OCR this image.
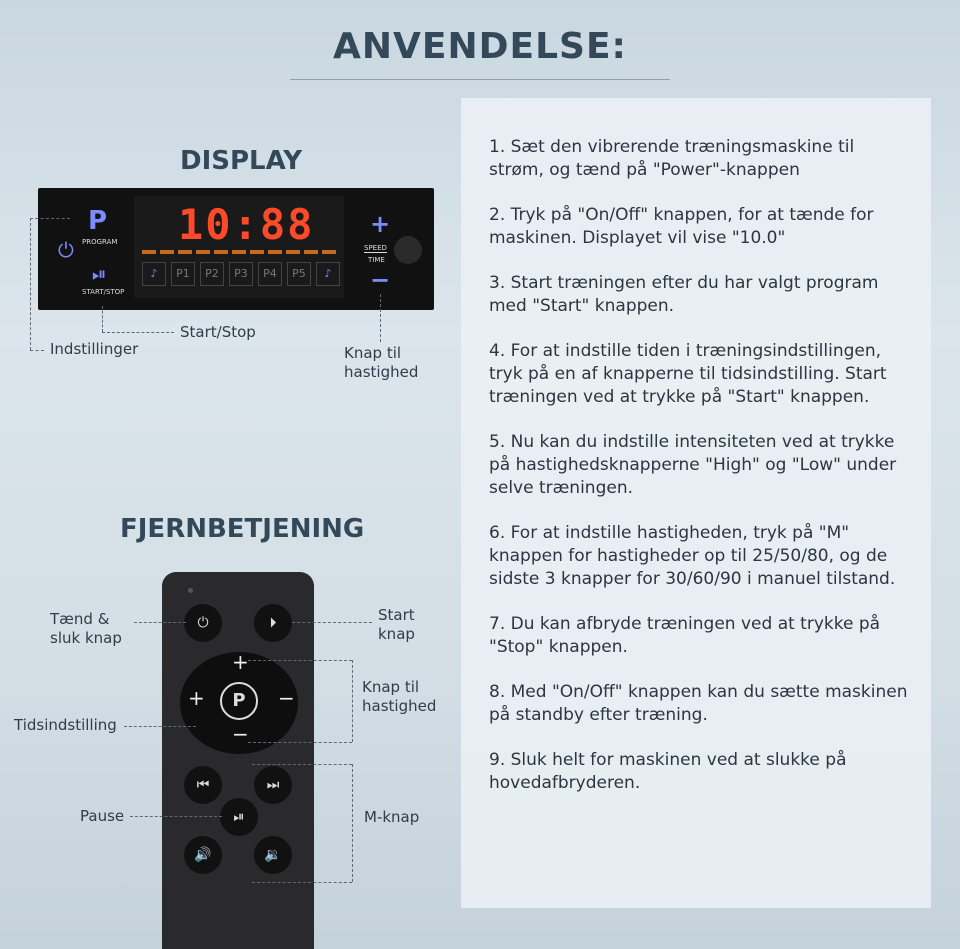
ANVENDELSE:

1. Sæt den vibrerende træningsmaskine til strøm, og tænd på "Power"-knappen

2. Tryk på "On/Off" knappen, for at tænde for maskinen. Displayet vil vise "10.0"

3. Start træningen efter du har valgt program med "Start" knappen.

4. For at indstille tiden i træningsindstillingen, tryk på en af knapperne til tidsindstilling. Start træningen ved at trykke på "Start" knappen.

5. Nu kan du indstille intensiteten ved at trykke på hastighedsknapperne "High" og "Low" under selve træningen.

6. For at indstille hastigheden, tryk på "M" knappen for hastigheder op til 25/50/80, og de sidste 3 knapper for 30/60/90 i manuel tilstand.

7. Du kan afbryde træningen ved at trykke på "Stop" knappen.

8. Med "On/Off" knappen kan du sætte maskinen på standby efter træning.

9. Sluk helt for maskinen ved at slukke på hovedafbryderen.

DISPLAY
P
PROGRAM
⏻
⏯
START/STOP
10:88
♪	P1	P2	P3	P4	P5	♪
+
SPEED
TIME
−
Indstillinger
Start/Stop
Knap til
hastighed
FJERNBETJENING
⏻	⏵
+
−
+	−
P
⏮	⏭
⏯
🔊	🔉
Tænd &
sluk knap
Start
knap
Knap til
hastighed
Tidsindstilling
Pause	M-knap
